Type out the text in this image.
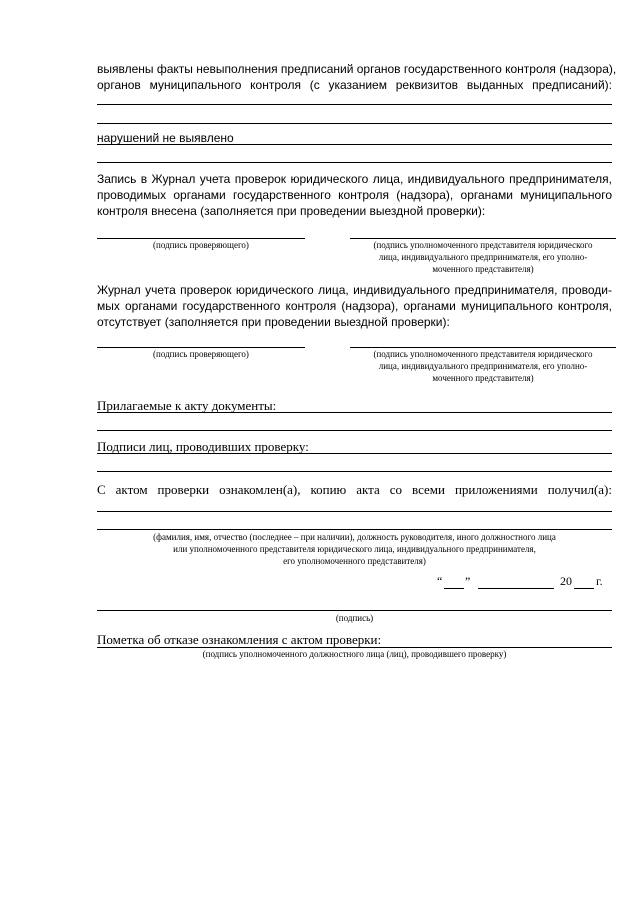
выявлены факты невыполнения предписаний органов государственного контроля (надзора),
органов муниципального контроля (с указанием реквизитов выданных предписаний):
нарушений не выявлено
Запись в Журнал учета проверок юридического лица, индивидуального предпринимателя,
проводимых органами государственного контроля (надзора), органами муниципального
контроля внесена (заполняется при проведении выездной проверки):
(подпись проверяющего)	(подпись уполномоченного представителя юридического
лица, индивидуального предпринимателя, его уполно-
моченного представителя)
Журнал учета проверок юридического лица, индивидуального предпринимателя, проводи-
мых органами государственного контроля (надзора), органами муниципального контроля,
отсутствует (заполняется при проведении выездной проверки):
(подпись проверяющего)	(подпись уполномоченного представителя юридического
лица, индивидуального предпринимателя, его уполно-
моченного представителя)
Прилагаемые к акту документы:
Подписи лиц, проводивших проверку:
С актом проверки ознакомлен(а), копию акта со всеми приложениями получил(а):
(фамилия, имя, отчество (последнее – при наличии), должность руководителя, иного должностного лица
или уполномоченного представителя юридического лица, индивидуального предпринимателя,
его уполномоченного представителя)
“ ”	20 г.
(подпись)
Пометка об отказе ознакомления с актом проверки:
(подпись уполномоченного должностного лица (лиц), проводившего проверку)
